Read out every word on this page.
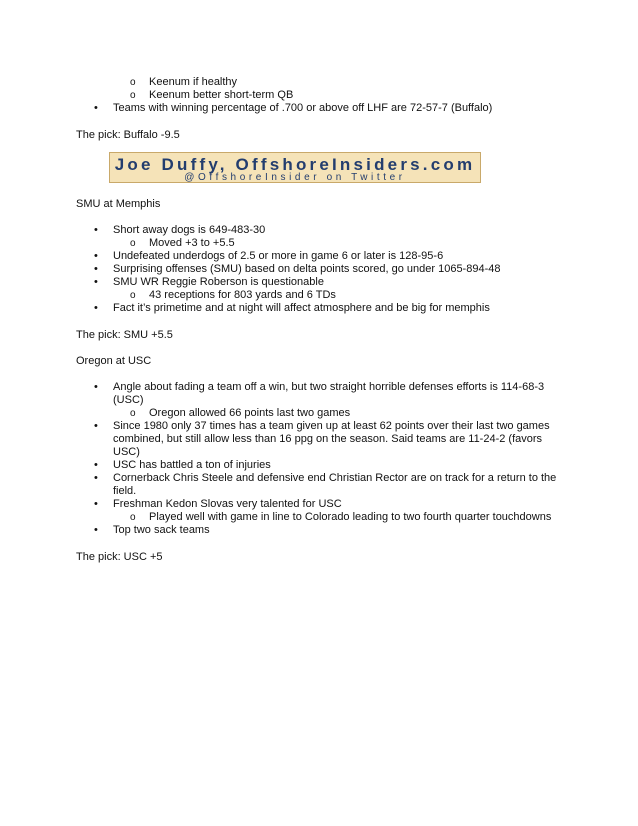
o Keenum if healthy
o Keenum better short-term QB
• Teams with winning percentage of .700 or above off LHF are 72-57-7 (Buffalo)
The pick: Buffalo -9.5
Joe Duffy, OffshoreInsiders.com
@OffshoreInsider on Twitter
SMU at Memphis
• Short away dogs is 649-483-30
o Moved +3 to +5.5
• Undefeated underdogs of 2.5 or more in game 6 or later is 128-95-6
• Surprising offenses (SMU) based on delta points scored, go under 1065-894-48
• SMU WR Reggie Roberson is questionable
o 43 receptions for 803 yards and 6 TDs
• Fact it’s primetime and at night will affect atmosphere and be big for memphis
The pick: SMU +5.5
Oregon at USC
• Angle about fading a team off a win, but two straight horrible defenses efforts is 114-68-3
(USC)
o Oregon allowed 66 points last two games
• Since 1980 only 37 times has a team given up at least 62 points over their last two games
combined, but still allow less than 16 ppg on the season. Said teams are 11-24-2 (favors
USC)
• USC has battled a ton of injuries
• Cornerback Chris Steele and defensive end Christian Rector are on track for a return to the
field.
• Freshman Kedon Slovas very talented for USC
o Played well with game in line to Colorado leading to two fourth quarter touchdowns
• Top two sack teams
The pick: USC +5
